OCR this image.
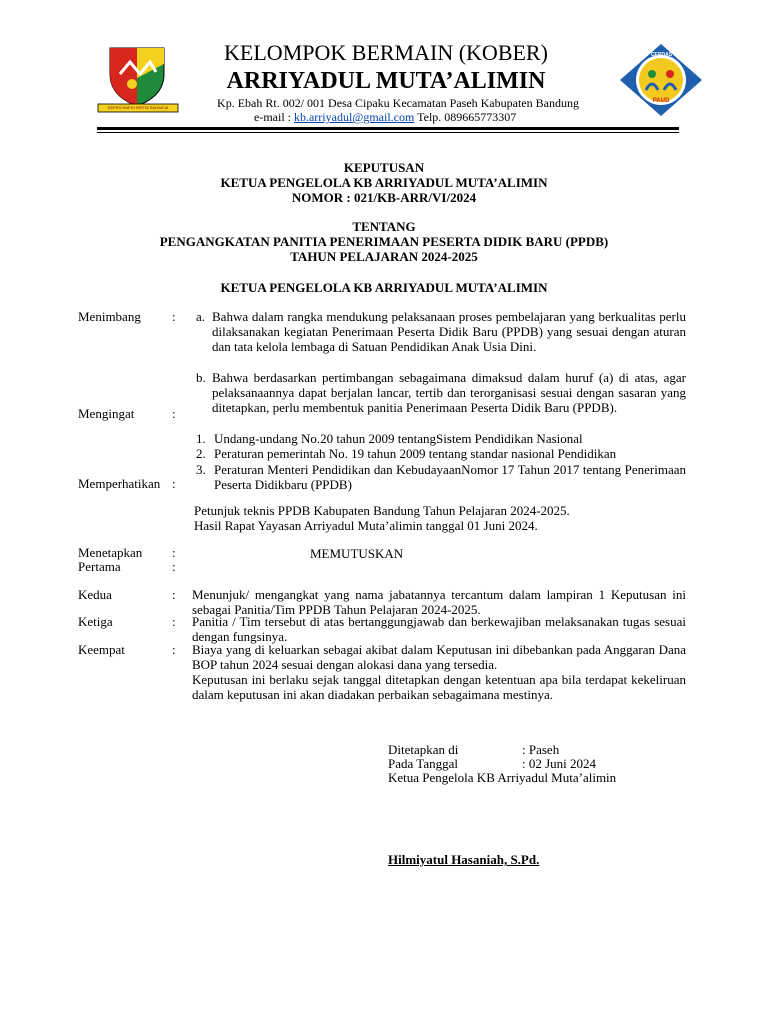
REPEH RAPIH KERTA RAHARJA
KELOMPOK BERMAIN (KOBER)
ARRIYADUL MUTA’ALIMIN
Kp. Ebah Rt. 002/ 001 Desa Cipaku Kecamatan Paseh Kabupaten Bandung
e-mail : kb.arriyadul@gmail.com Telp. 089665773307
SEHAT · CERDAS · CERIA
PAUD
KEPUTUSAN
KETUA PENGELOLA KB ARRIYADUL MUTA’ALIMIN
NOMOR : 021/KB-ARR/VI/2024
TENTANG
PENGANGKATAN PANITIA PENERIMAAN PESERTA DIDIK BARU (PPDB)
TAHUN PELAJARAN 2024-2025
KETUA PENGELOLA KB ARRIYADUL MUTA’ALIMIN
Menimbang : a. Bahwa dalam rangka mendukung pelaksanaan proses pembelajaran yang berkualitas perlu dilaksanakan kegiatan Penerimaan Peserta Didik Baru (PPDB) yang sesuai dengan aturan dan tata kelola lembaga di Satuan Pendidikan Anak Usia Dini.
b. Bahwa berdasarkan pertimbangan sebagaimana dimaksud dalam huruf (a) di atas, agar pelaksanaannya dapat berjalan lancar, tertib dan terorganisasi sesuai dengan sasaran yang ditetapkan, perlu membentuk panitia Penerimaan Peserta Didik Baru (PPDB).
Mengingat	:
1. Undang-undang No.20 tahun 2009 tentangSistem Pendidikan Nasional
2. Peraturan pemerintah No. 19 tahun 2009 tentang standar nasional Pendidikan
3. Peraturan Menteri Pendidikan dan KebudayaanNomor 17 Tahun 2017 tentang Penerimaan Peserta Didikbaru (PPDB)
Memperhatikan :
Petunjuk teknis PPDB Kabupaten Bandung Tahun Pelajaran 2024-2025.
Hasil Rapat Yayasan Arriyadul Muta’alimin tanggal 01 Juni 2024.
Menetapkan :
Pertama	:
MEMUTUSKAN
Kedua	: Menunjuk/ mengangkat yang nama jabatannya tercantum dalam lampiran 1 Keputusan ini sebagai Panitia/Tim PPDB Tahun Pelajaran 2024-2025.
Ketiga	: Panitia / Tim tersebut di atas bertanggungjawab dan berkewajiban melaksanakan tugas sesuai dengan fungsinya.
Keempat	: Biaya yang di keluarkan sebagai akibat dalam Keputusan ini dibebankan pada Anggaran Dana BOP tahun 2024 sesuai dengan alokasi dana yang tersedia.
Keputusan ini berlaku sejak tanggal ditetapkan dengan ketentuan apa bila terdapat kekeliruan dalam keputusan ini akan diadakan perbaikan sebagaimana mestinya.
Ditetapkan di	: Paseh
Pada Tanggal	: 02 Juni 2024
Ketua Pengelola KB Arriyadul Muta’alimin
Hilmiyatul Hasaniah, S.Pd.
